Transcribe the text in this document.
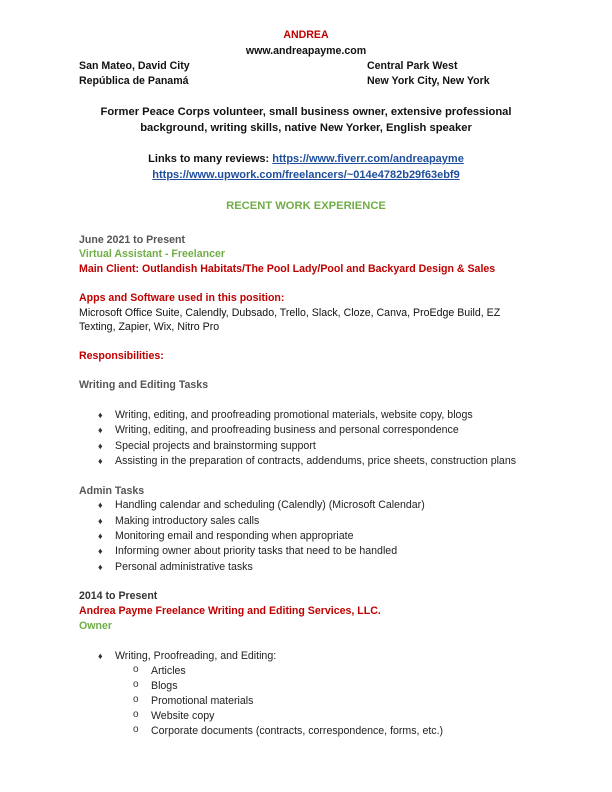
ANDREA
www.andreapayme.com
San Mateo, David City
República de Panamá
Central Park West
New York City, New York
Former Peace Corps volunteer, small business owner, extensive professional
background, writing skills, native New Yorker, English speaker
Links to many reviews: https://www.fiverr.com/andreapayme
https://www.upwork.com/freelancers/~014e4782b29f63ebf9
RECENT WORK EXPERIENCE
June 2021 to Present
Virtual Assistant - Freelancer
Main Client: Outlandish Habitats/The Pool Lady/Pool and Backyard Design & Sales
Apps and Software used in this position:
Microsoft Office Suite, Calendly, Dubsado, Trello, Slack, Cloze, Canva, ProEdge Build, EZ
Texting, Zapier, Wix, Nitro Pro
Responsibilities:
Writing and Editing Tasks
♦ Writing, editing, and proofreading promotional materials, website copy, blogs
♦ Writing, editing, and proofreading business and personal correspondence
♦ Special projects and brainstorming support
♦ Assisting in the preparation of contracts, addendums, price sheets, construction plans
Admin Tasks
♦ Handling calendar and scheduling (Calendly) (Microsoft Calendar)
♦ Making introductory sales calls
♦ Monitoring email and responding when appropriate
♦ Informing owner about priority tasks that need to be handled
♦ Personal administrative tasks
2014 to Present
Andrea Payme Freelance Writing and Editing Services, LLC.
Owner
♦ Writing, Proofreading, and Editing:
o Articles
o Blogs
o Promotional materials
o Website copy
o Corporate documents (contracts, correspondence, forms, etc.)
